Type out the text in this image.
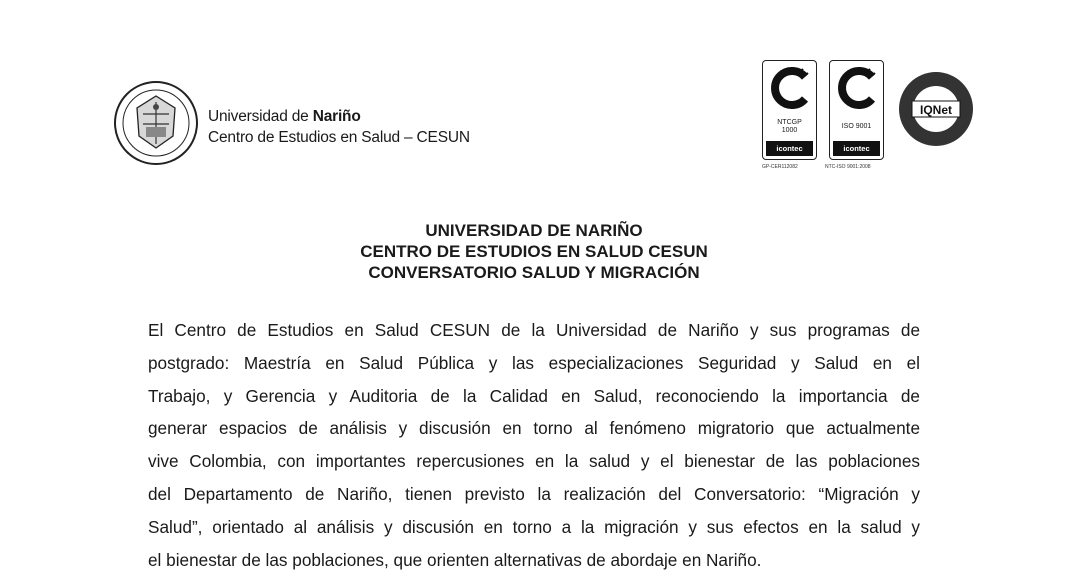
Universidad de Nariño
Centro de Estudios en Salud – CESUN
NTCGP
1000
icontec
GP-CER112082
ISO 9001
icontec
NTC-ISO 9001:2008
IQNet
UNIVERSIDAD DE NARIÑO
CENTRO DE ESTUDIOS EN SALUD CESUN
CONVERSATORIO SALUD Y MIGRACIÓN
El Centro de Estudios en Salud CESUN de la Universidad de Nariño y sus programas de
postgrado: Maestría en Salud Pública y las especializaciones Seguridad y Salud en el
Trabajo, y Gerencia y Auditoria de la Calidad en Salud, reconociendo la importancia de
generar espacios de análisis y discusión en torno al fenómeno migratorio que actualmente
vive Colombia, con importantes repercusiones en la salud y el bienestar de las poblaciones
del Departamento de Nariño, tienen previsto la realización del Conversatorio: “Migración y
Salud”, orientado al análisis y discusión en torno a la migración y sus efectos en la salud y
el bienestar de las poblaciones, que orienten alternativas de abordaje en Nariño.
